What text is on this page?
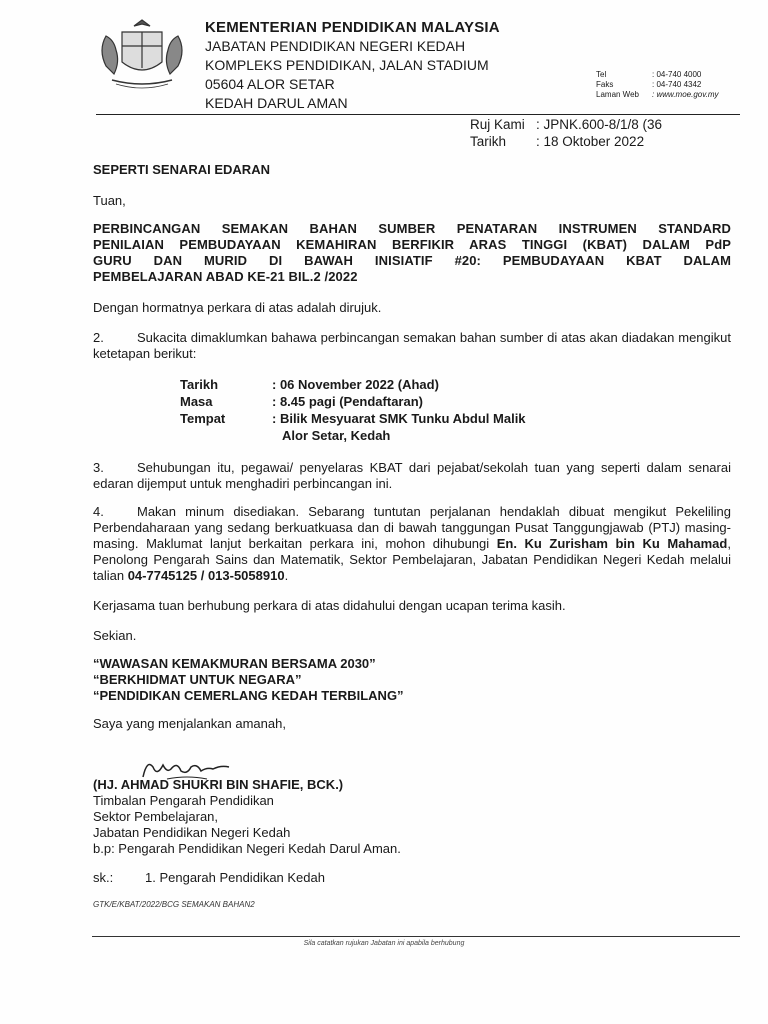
KEMENTERIAN PENDIDIKAN MALAYSIA
JABATAN PENDIDIKAN NEGERI KEDAH
KOMPLEKS PENDIDIKAN, JALAN STADIUM
05604 ALOR SETAR
KEDAH DARUL AMAN
Tel	: 04-740 4000
Faks	: 04-740 4342
Laman Web	: www.moe.gov.my
Ruj Kami : JPNK.600-8/1/8 (36
Tarikh	: 18 Oktober 2022
SEPERTI SENARAI EDARAN
Tuan,
PERBINCANGAN SEMAKAN BAHAN SUMBER PENATARAN INSTRUMEN STANDARD
PENILAIAN PEMBUDAYAAN KEMAHIRAN BERFIKIR ARAS TINGGI (KBAT) DALAM PdP
GURU DAN MURID DI BAWAH INISIATIF #20: PEMBUDAYAAN KBAT DALAM
PEMBELAJARAN ABAD KE-21 BIL.2 /2022
Dengan hormatnya perkara di atas adalah dirujuk.
2.	Sukacita dimaklumkan bahawa perbincangan semakan bahan sumber di atas akan diadakan mengikut ketetapan berikut:
Tarikh	: 06 November 2022 (Ahad)
Masa	: 8.45 pagi (Pendaftaran)
Tempat	: Bilik Mesyuarat SMK Tunku Abdul Malik
Alor Setar, Kedah
3.	Sehubungan itu, pegawai/ penyelaras KBAT dari pejabat/sekolah tuan yang seperti dalam senarai edaran dijemput untuk menghadiri perbincangan ini.
4.	Makan minum disediakan. Sebarang tuntutan perjalanan hendaklah dibuat mengikut Pekeliling Perbendaharaan yang sedang berkuatkuasa dan di bawah tanggungan Pusat Tanggungjawab (PTJ) masing-masing. Maklumat lanjut berkaitan perkara ini, mohon dihubungi En. Ku Zurisham bin Ku Mahamad, Penolong Pengarah Sains dan Matematik, Sektor Pembelajaran, Jabatan Pendidikan Negeri Kedah melalui talian 04-7745125 / 013-5058910.
Kerjasama tuan berhubung perkara di atas didahului dengan ucapan terima kasih.
Sekian.
“WAWASAN KEMAKMURAN BERSAMA 2030”
“BERKHIDMAT UNTUK NEGARA”
“PENDIDIKAN CEMERLANG KEDAH TERBILANG”
Saya yang menjalankan amanah,
(HJ. AHMAD SHUKRI BIN SHAFIE, BCK.)
Timbalan Pengarah Pendidikan
Sektor Pembelajaran,
Jabatan Pendidikan Negeri Kedah
b.p: Pengarah Pendidikan Negeri Kedah Darul Aman.
sk.: 1. Pengarah Pendidikan Kedah
GTK/E/KBAT/2022/BCG SEMAKAN BAHAN2
Sila catatkan rujukan Jabatan ini apabila berhubung
